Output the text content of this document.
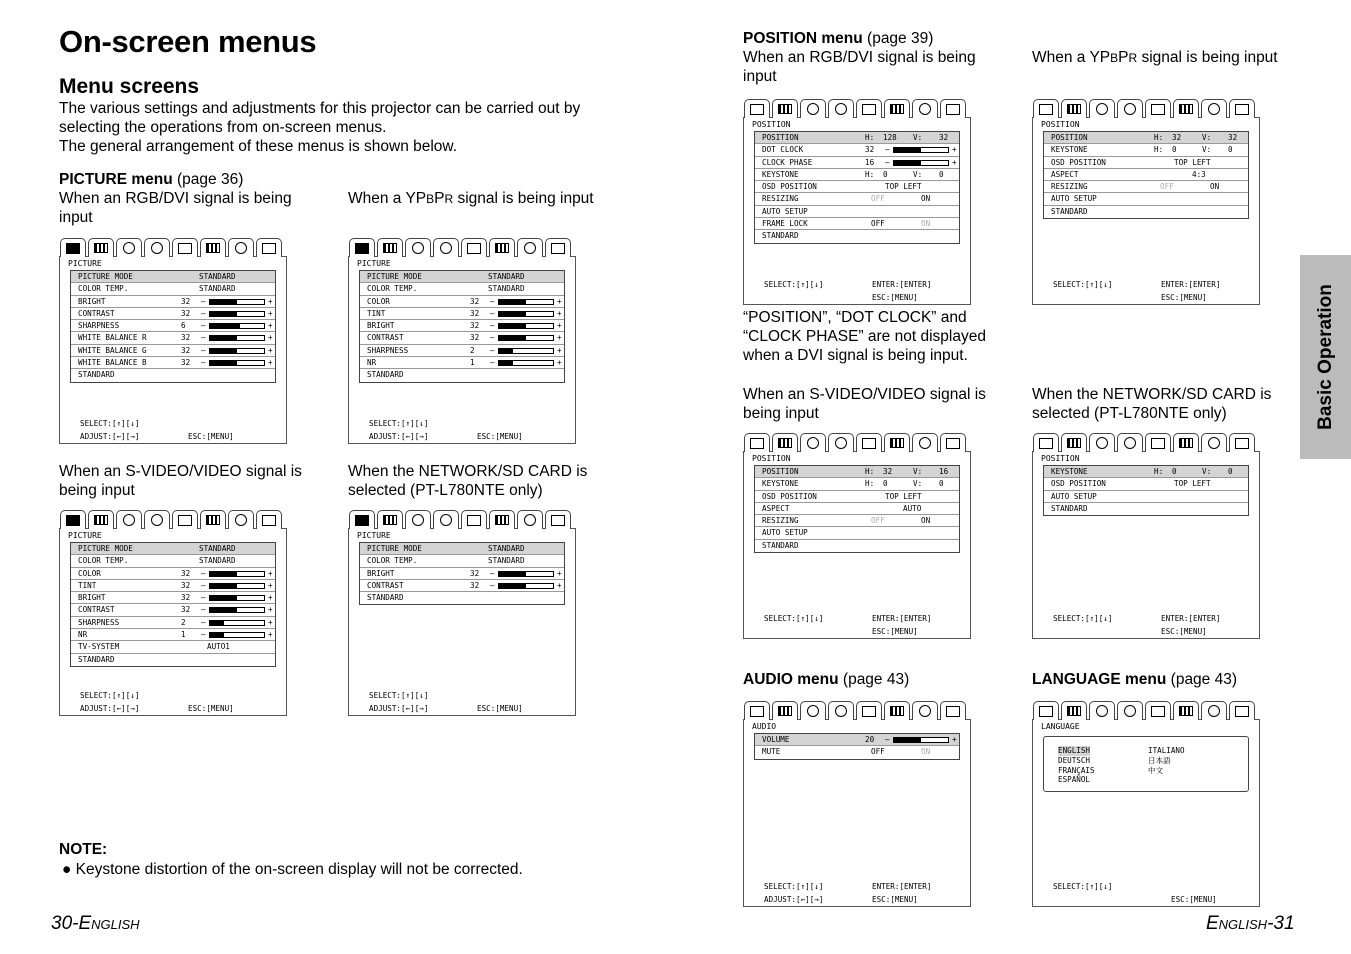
On-screen menus
Menu screens
The various settings and adjustments for this projector can be carried out by
selecting the operations from on-screen menus.
The general arrangement of these menus is shown below.
PICTURE menu (page 36)
When an RGB/DVI signal is being input
When a YPBPR signal is being input
When an S-VIDEO/VIDEO signal is being input
When the NETWORK/SD CARD is selected (PT-L780NTE only)
PICTURE
PICTURE MODE	STANDARD
COLOR TEMP.	STANDARD
BRIGHT	32 –	+
CONTRAST	32 –	+
SHARPNESS	6 –	+
WHITE BALANCE R	32 –	+
WHITE BALANCE G	32 –	+
WHITE BALANCE B	32 –	+
STANDARD
SELECT:[↑][↓]
ADJUST:[←][→]	ESC:[MENU]
PICTURE
PICTURE MODE	STANDARD
COLOR TEMP.	STANDARD
COLOR	32 –	+
TINT	32 –	+
BRIGHT	32 –	+
CONTRAST	32 –	+
SHARPNESS	2 –	+
NR	1 –	+
STANDARD
SELECT:[↑][↓]
ADJUST:[←][→]	ESC:[MENU]
PICTURE
PICTURE MODE	STANDARD
COLOR TEMP.	STANDARD
COLOR	32 –	+
TINT	32 –	+
BRIGHT	32 –	+
CONTRAST	32 –	+
SHARPNESS	2 –	+
NR	1 –	+
TV-SYSTEM	AUTO1
STANDARD
SELECT:[↑][↓]
ADJUST:[←][→]	ESC:[MENU]
PICTURE
PICTURE MODE	STANDARD
COLOR TEMP.	STANDARD
BRIGHT	32 –	+
CONTRAST	32 –	+
STANDARD
SELECT:[↑][↓]
ADJUST:[←][→]	ESC:[MENU]
NOTE:
● Keystone distortion of the on-screen display will not be corrected.
30-English
POSITION menu (page 39)
When an RGB/DVI signal is being input
When a YPBPR signal is being input
POSITION
POSITION	H: 128 V: 32
DOT CLOCK	32 –	+
CLOCK PHASE	16 –	+
KEYSTONE	H: 0	V: 0
OSD POSITION	TOP LEFT
RESIZING	OFF	ON
AUTO SETUP
FRAME LOCK	OFF	ON
STANDARD
SELECT:[↑][↓]	ENTER:[ENTER]
ESC:[MENU]
POSITION
POSITION	H: 32	V: 32
KEYSTONE	H: 0	V: 0
OSD POSITION	TOP LEFT
ASPECT	4:3
RESIZING	OFF	ON
AUTO SETUP
STANDARD
SELECT:[↑][↓]	ENTER:[ENTER]
ESC:[MENU]
“POSITION”, “DOT CLOCK” and “CLOCK PHASE” are not displayed when a DVI signal is being input.
When an S-VIDEO/VIDEO signal is being input
When the NETWORK/SD CARD is selected (PT-L780NTE only)
POSITION
POSITION	H: 32	V: 16
KEYSTONE	H: 0	V: 0
OSD POSITION	TOP LEFT
ASPECT	AUTO
RESIZING	OFF	ON
AUTO SETUP
STANDARD
SELECT:[↑][↓]	ENTER:[ENTER]
ESC:[MENU]
POSITION
KEYSTONE	H: 0	V: 0
OSD POSITION	TOP LEFT
AUTO SETUP
STANDARD
SELECT:[↑][↓]	ENTER:[ENTER]
ESC:[MENU]
AUDIO menu (page 43)	LANGUAGE menu (page 43)
AUDIO
VOLUME	20 –	+
MUTE	OFF	ON
SELECT:[↑][↓]
ADJUST:[←][→]
ENTER:[ENTER]
ESC:[MENU]
LANGUAGE
ENGLISH
DEUTSCH
FRANÇAIS
ESPAÑOL
ITALIANO
日本語
中文
SELECT:[↑][↓]
ESC:[MENU]
Basic Operation
English-31
